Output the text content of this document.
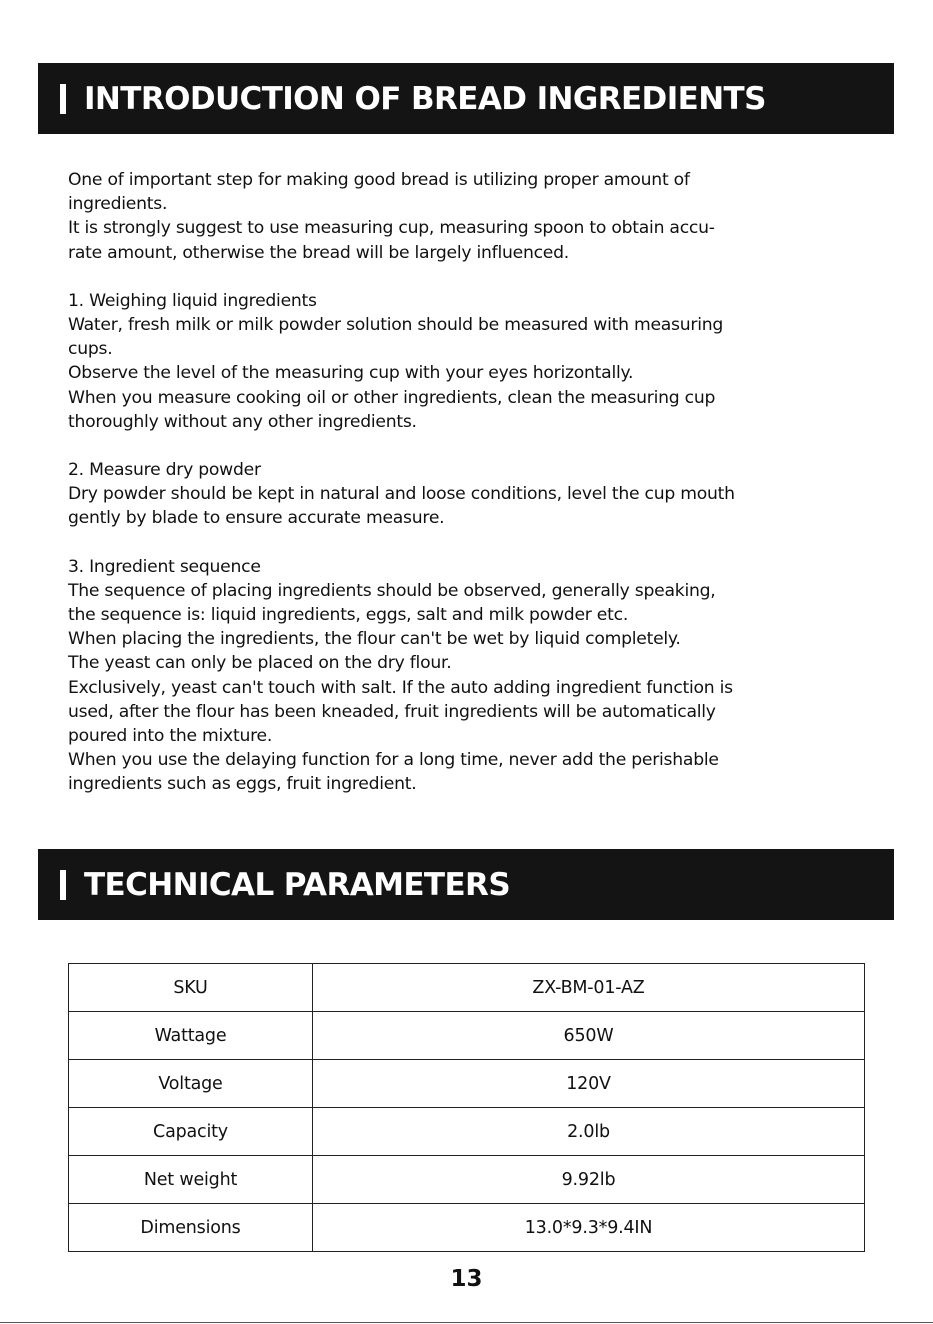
INTRODUCTION OF BREAD INGREDIENTS

One of important step for making good bread is utilizing proper amount of

ingredients.

It is strongly suggest to use measuring cup, measuring spoon to obtain accu-

rate amount, otherwise the bread will be largely influenced.

1. Weighing liquid ingredients

Water, fresh milk or milk powder solution should be measured with measuring

cups.

Observe the level of the measuring cup with your eyes horizontally.

When you measure cooking oil or other ingredients, clean the measuring cup

thoroughly without any other ingredients.

2. Measure dry powder

Dry powder should be kept in natural and loose conditions, level the cup mouth

gently by blade to ensure accurate measure.

3. Ingredient sequence

The sequence of placing ingredients should be observed, generally speaking,

the sequence is: liquid ingredients, eggs, salt and milk powder etc.

When placing the ingredients, the flour can't be wet by liquid completely.

The yeast can only be placed on the dry flour.

Exclusively, yeast can't touch with salt. If the auto adding ingredient function is

used, after the flour has been kneaded, fruit ingredients will be automatically

poured into the mixture.

When you use the delaying function for a long time, never add the perishable

ingredients such as eggs, fruit ingredient.

TECHNICAL PARAMETERS
SKU	ZX-BM-01-AZ
Wattage	650W
Voltage	120V
Capacity	2.0lb
Net weight	9.92lb
Dimensions	13.0*9.3*9.4IN
13
